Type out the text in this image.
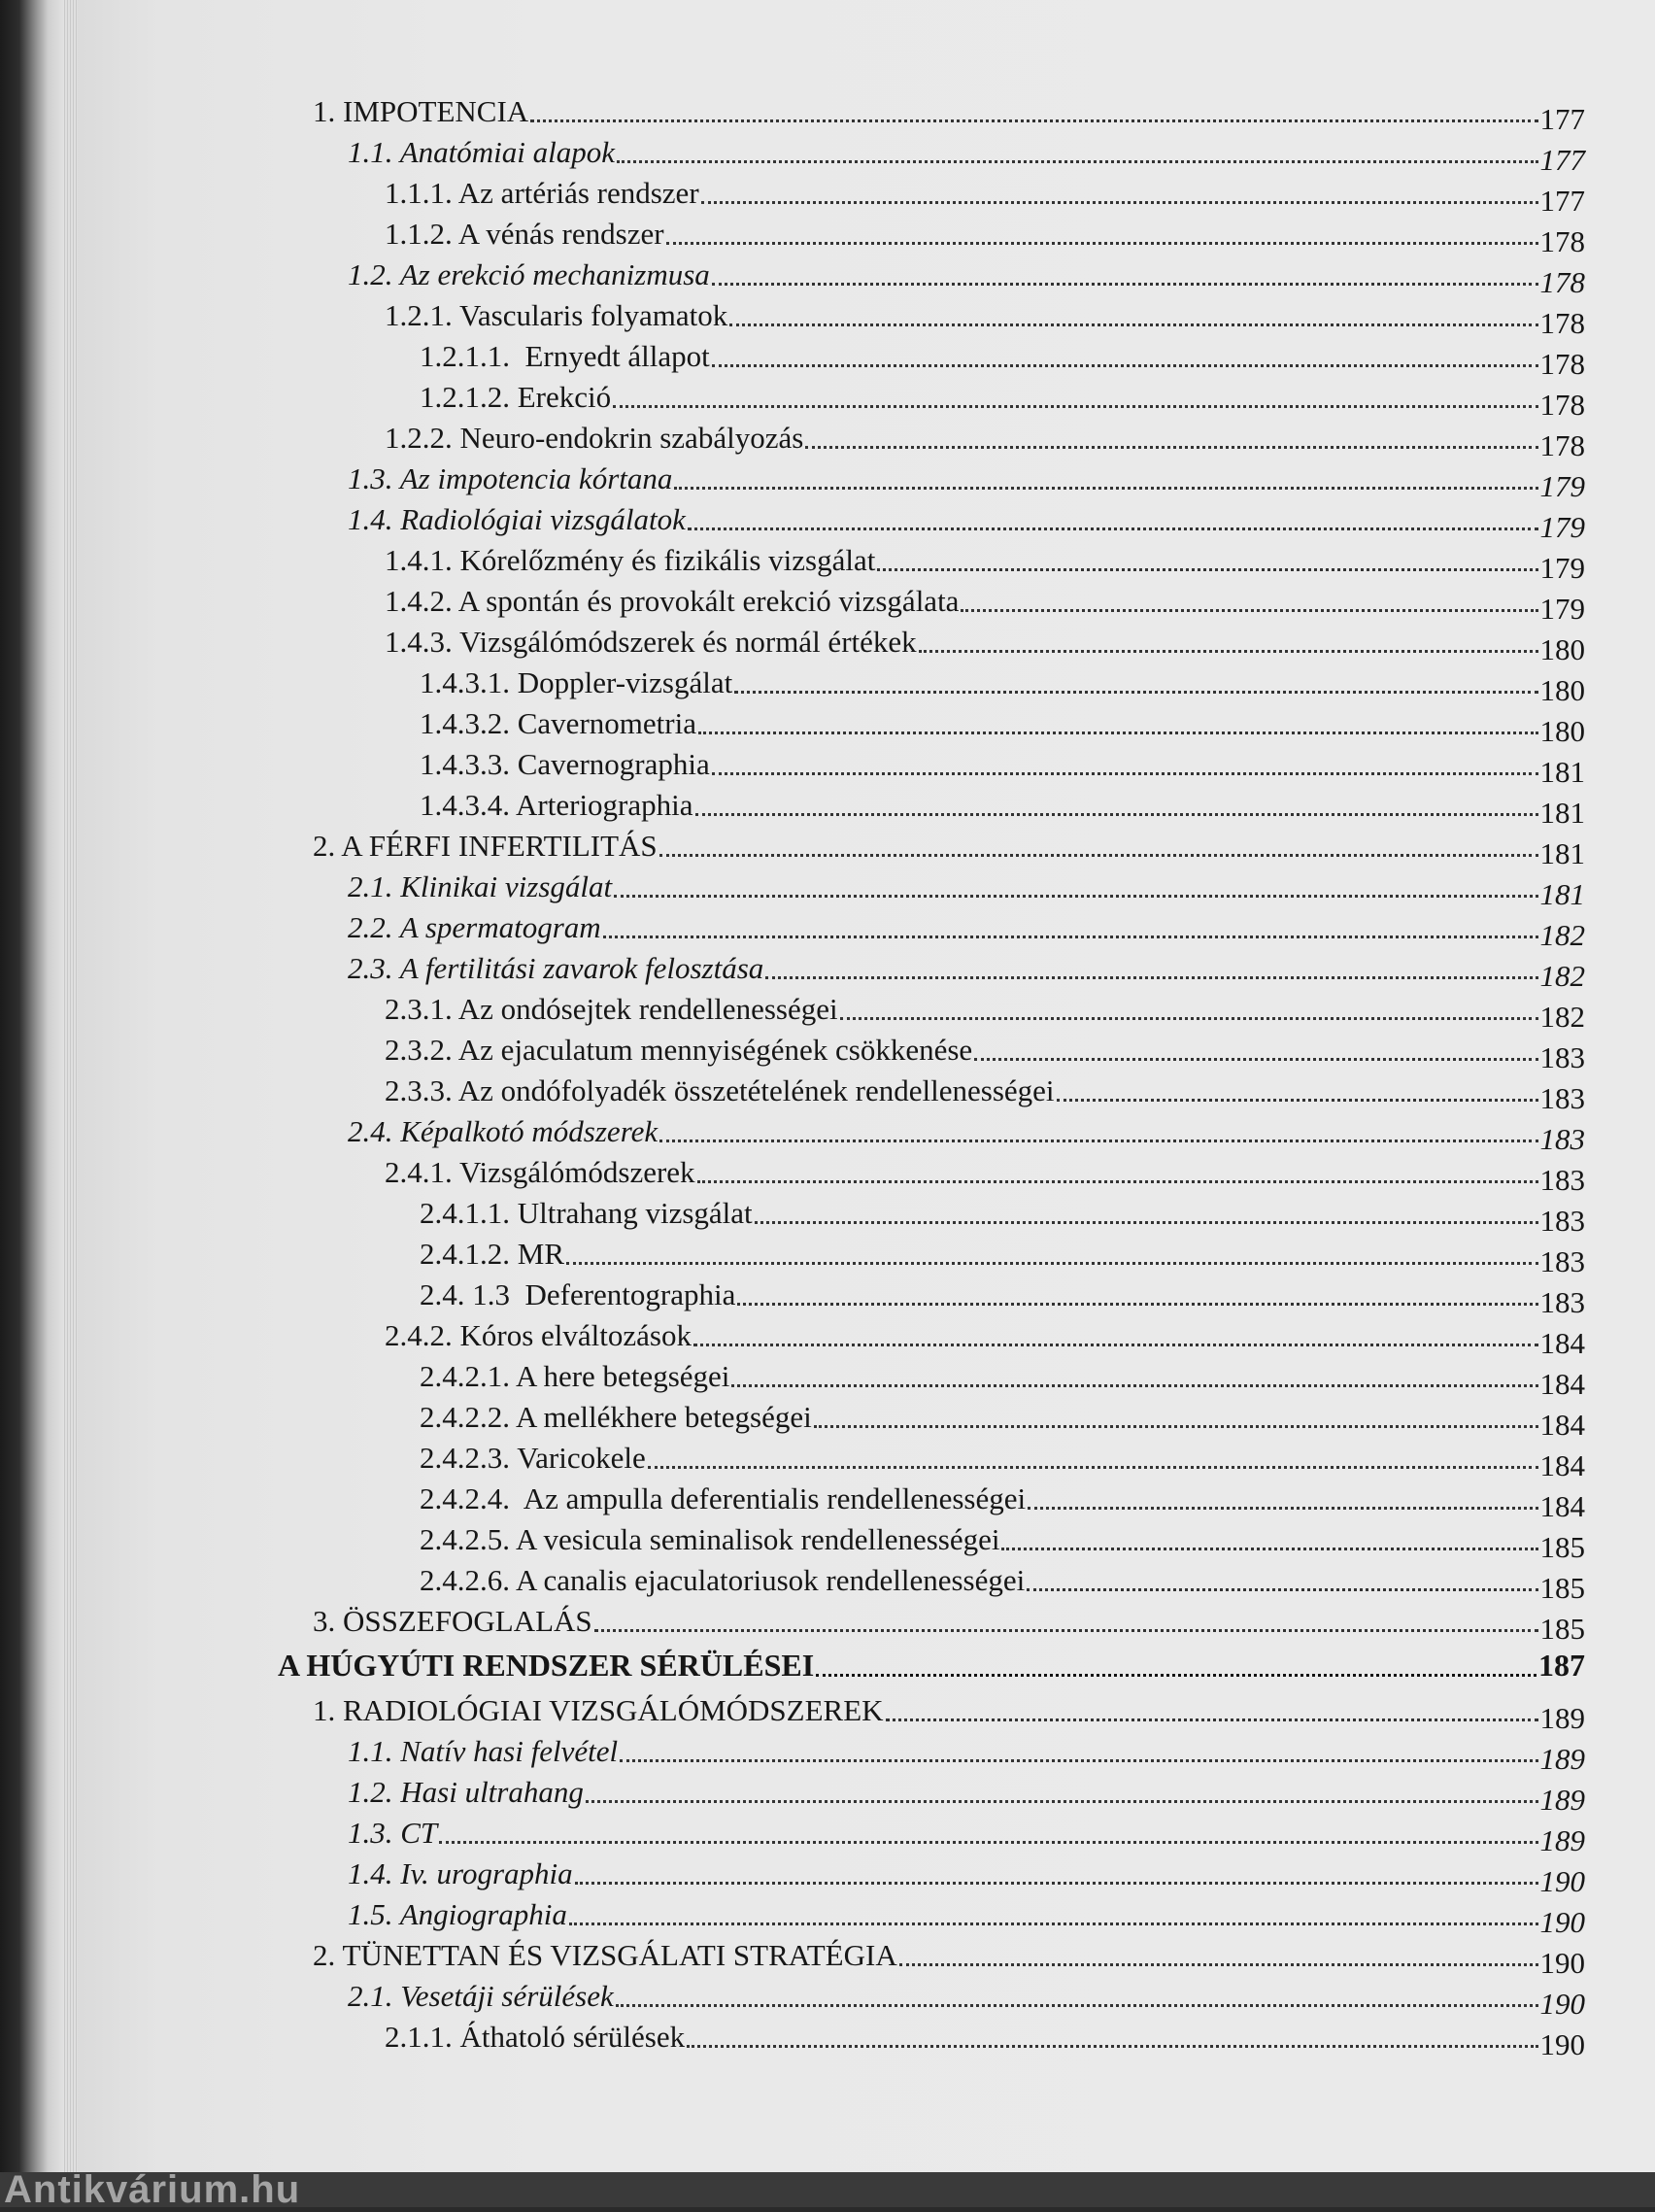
1. IMPOTENCIA	177
1.1. Anatómiai alapok	177
1.1.1. Az artériás rendszer	177
1.1.2. A vénás rendszer	178
1.2. Az erekció mechanizmusa	178
1.2.1. Vascularis folyamatok	178
1.2.1.1.  Ernyedt állapot	178
1.2.1.2. Erekció	178
1.2.2. Neuro-endokrin szabályozás	178
1.3. Az impotencia kórtana	179
1.4. Radiológiai vizsgálatok	179
1.4.1. Kórelőzmény és fizikális vizsgálat	179
1.4.2. A spontán és provokált erekció vizsgálata	179
1.4.3. Vizsgálómódszerek és normál értékek	180
1.4.3.1. Doppler-vizsgálat	180
1.4.3.2. Cavernometria	180
1.4.3.3. Cavernographia	181
1.4.3.4. Arteriographia	181
2. A FÉRFI INFERTILITÁS	181
2.1. Klinikai vizsgálat	181
2.2. A spermatogram	182
2.3. A fertilitási zavarok felosztása	182
2.3.1. Az ondósejtek rendellenességei	182
2.3.2. Az ejaculatum mennyiségének csökkenése	183
2.3.3. Az ondófolyadék összetételének rendellenességei	183
2.4. Képalkotó módszerek	183
2.4.1. Vizsgálómódszerek	183
2.4.1.1. Ultrahang vizsgálat	183
2.4.1.2. MR	183
2.4. 1.3  Deferentographia	183
2.4.2. Kóros elváltozások	184
2.4.2.1. A here betegségei	184
2.4.2.2. A mellékhere betegségei	184
2.4.2.3. Varicokele	184
2.4.2.4.  Az ampulla deferentialis rendellenességei	184
2.4.2.5. A vesicula seminalisok rendellenességei	185
2.4.2.6. A canalis ejaculatoriusok rendellenességei	185
3. ÖSSZEFOGLALÁS	185
A HÚGYÚTI RENDSZER SÉRÜLÉSEI	187
1. RADIOLÓGIAI VIZSGÁLÓMÓDSZEREK	189
1.1. Natív hasi felvétel	189
1.2. Hasi ultrahang	189
1.3. CT	189
1.4. Iv. urographia	190
1.5. Angiographia	190
2. TÜNETTAN ÉS VIZSGÁLATI STRATÉGIA	190
2.1. Vesetáji sérülések	190
2.1.1. Áthatoló sérülések	190
Antikvárium.hu
